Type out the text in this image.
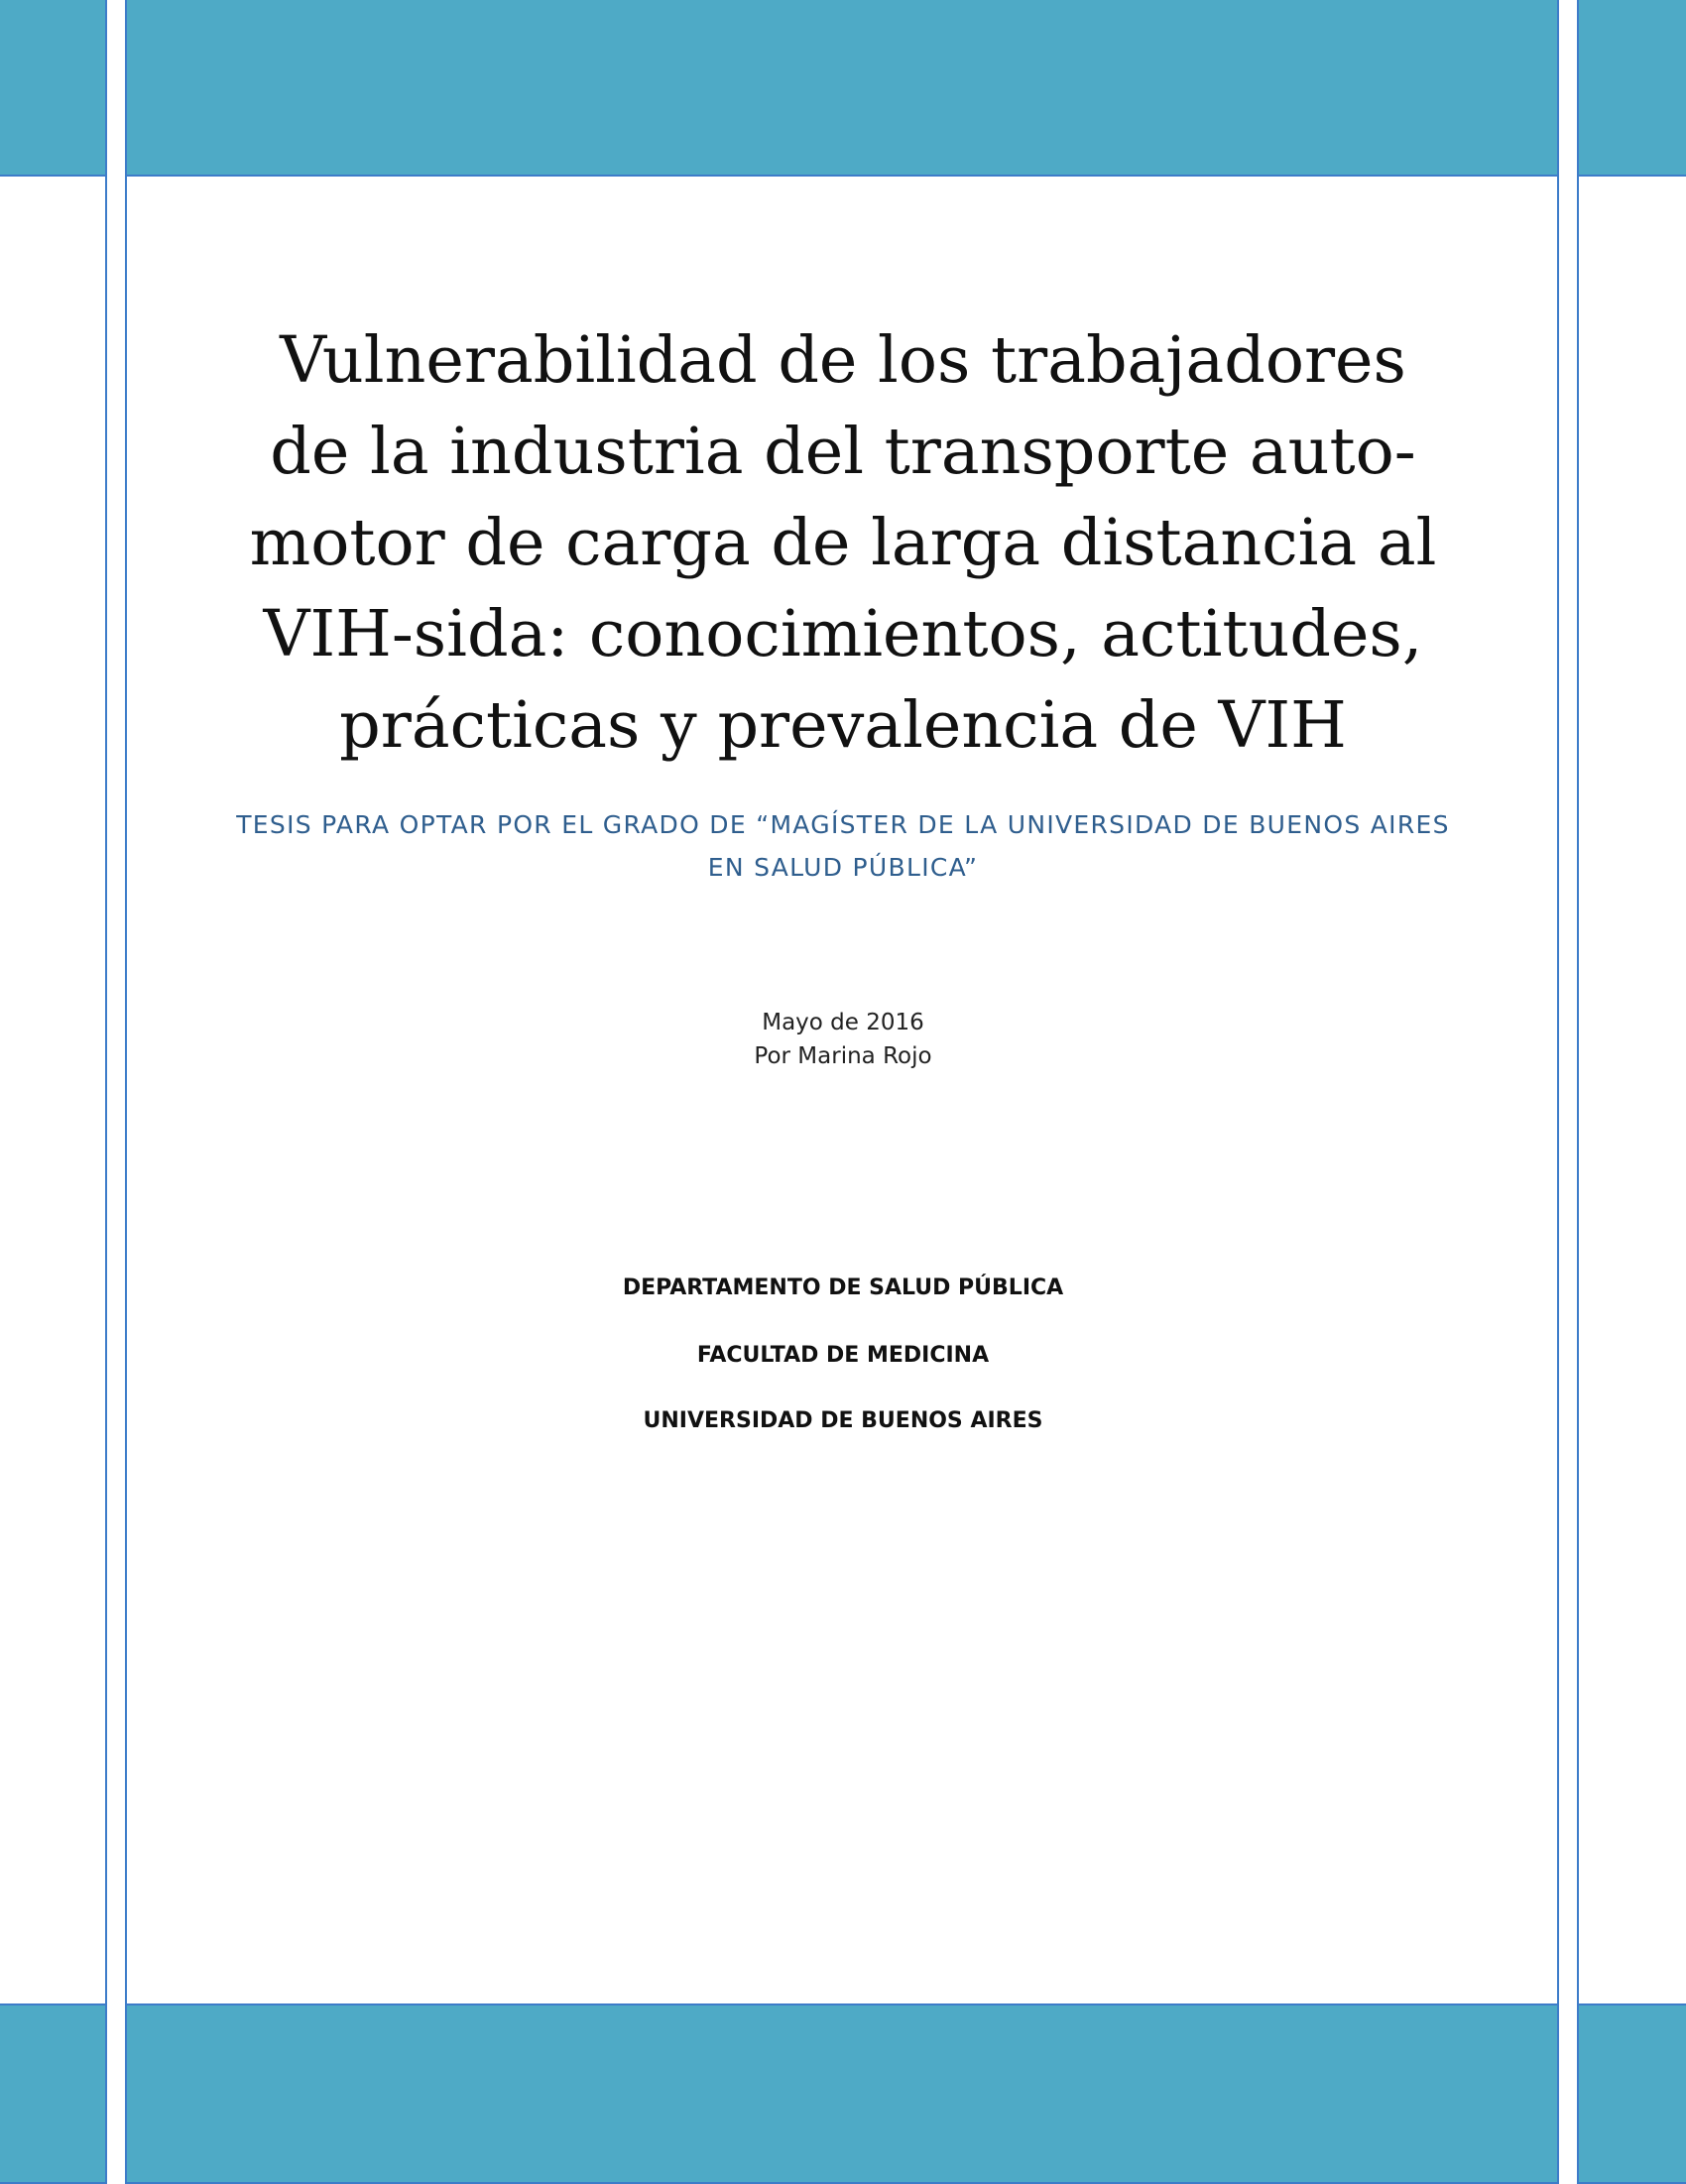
Vulnerabilidad de los trabajadores
de la industria del transporte auto-
motor de carga de larga distancia al
VIH-sida: conocimientos, actitudes,
prácticas y prevalencia de VIH
TESIS PARA OPTAR POR EL GRADO DE “MAGÍSTER DE LA UNIVERSIDAD DE BUENOS AIRES
EN SALUD PÚBLICA”
Mayo de 2016
Por Marina Rojo
DEPARTAMENTO DE SALUD PÚBLICA
FACULTAD DE MEDICINA
UNIVERSIDAD DE BUENOS AIRES
